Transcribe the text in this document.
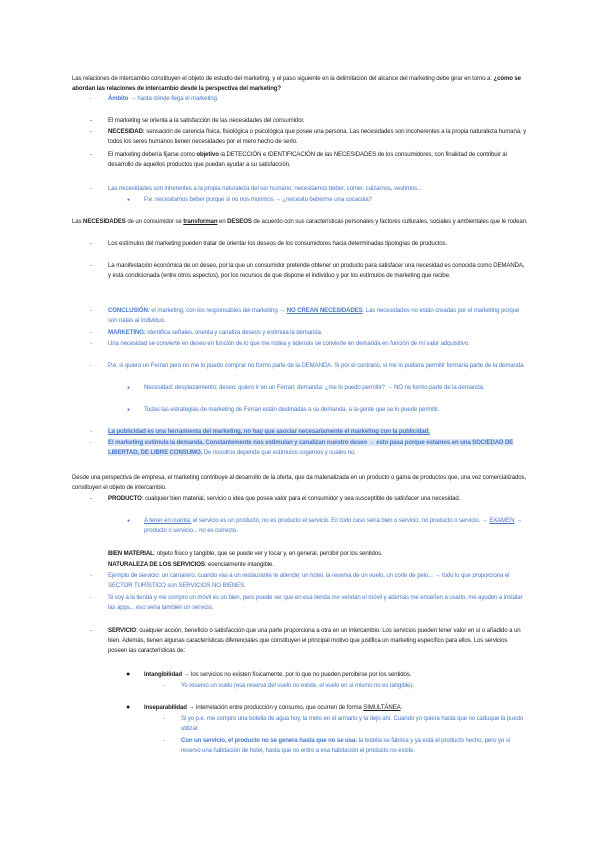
Las relaciones de intercambio constituyen el objeto de estudio del marketing, y el paso siguiente en la delimitación del alcance del marketing debe girar en torno a: ¿cómo se abordan las relaciones de intercambio desde la perspectiva del marketing?
-	Ámbito → hasta dónde llega el marketing.
-	El marketing se orienta a la satisfacción de las necesidades del consumidor.
-	NECESIDAD: sensación de carencia física, fisiológica o psicológica que posee una persona. Las necesidades son incoherentes a la propia naturaleza humana, y todos los seres humanos tienen necesidades por el mero hecho de serlo.
-	El marketing debería fijarse como objetivo la DETECCIÓN e IDENTIFICACIÓN de las NECESIDADES de los consumidores, con finalidad de contribuir al desarrollo de aquellos productos que puedan ayudar a su satisfacción.
-	Las necesidades son inherentes a la propia naturaleza del ser humano: necesitamos beber, comer, calzarnos, vestirnos...
● P.e. necesitamos beber porque si no nos morimos → ¿necesito beberme una cocacola?
Las NECESIDADES de un consumidor se transforman en DESEOS de acuerdo con sus características personales y factores culturales, sociales y ambientales que le rodean.
-	Los estímulos del marketing pueden tratar de orientar los deseos de los consumidores hacia determinadas tipologías de productos.
-	La manifestación económica de un deseo, por la que un consumidor pretende obtener un producto para satisfacer una necesidad es conocida como DEMANDA, y está condicionada (entre otros aspectos), por los recursos de que dispone el individuo y por los estímulos de marketing que recibe.
-	CONCLUSIÓN: el marketing, con los responsables del marketing → NO CREAN NECESIDADES. Las necesidades no están creadas por el marketing porque son natas al individuo.
-	MARKETING: identifica señales, orienta y canaliza deseos y estimula la demanda.
-	Una necesidad se convierte en deseo en función de lo que me rodea y además se convierte en demanda en función de mi valor adquisitivo.
-	P.e. si quiero un Ferrari pero no me lo puedo comprar no formo parte de la DEMANDA. Si por el contrario, si me lo pudiera permitir formaría parte de la demanda.
● Necesidad: desplazamiento; deseo: quiero ir en un Ferrari; demanda: ¿me lo puedo permitir? → NO no formo parte de la demanda.
● Todas las estrategias de marketing de Ferrari están destinadas a su demanda, a la gente que se lo puede permitir.
-	La publicidad es una herramienta del marketing, no hay que asociar necesariamente el marketing con la publicidad.
-	El marketing estimula la demanda. Constantemente nos estimulan y canalizan nuestro deseo → esto pasa porque estamos en una SOCIEDAD DE LIBERTAD, DE LIBRE CONSUMO. De nosotros depende qué estímulos cogemos y cuales no.
Desde una perspectiva de empresa, el marketing contribuye al desarrollo de la oferta, que da materializada en un producto o gama de productos que, una vez comercializados, constituyen el objeto de intercambio.
-	PRODUCTO: cualquier bien material, servicio o idea que posea valor para el consumidor y sea susceptible de satisfacer una necesidad.
● A tener en cuenta: el servicio es un producto, no es producto el servicio. En todo caso sería bien o servicio, no producto o servicio. → EXAMEN → producto o servicio... no es correcto.
BIEN MATERIAL: objeto físico y tangible, que se puede ver y tocar y, en general, percibir por los sentidos.
NATURALEZA DE LOS SERVICIOS: esencialmente intangible.
-	Ejemplo de servicio: un camarero, cuando vas a un restaurante te atiende; un hotel, la reserva de un vuelo, un corte de pelo... → todo lo que proporciona el SECTOR TURÍSTICO son SERVICIOS NO BIENES.
-	Si voy a la tienda y me compro un móvil es un bien, pero puede ser que en esa tienda me vendan el móvil y además me enseñen a usarlo, me ayuden a instalar las apps... eso sería también un servicio.
-	SERVICIO: cualquier acción, beneficio o satisfacción que una parte proporciona a otra en un intercambio. Los servicios pueden tener valor en sí o añadido a un bien. Además, tienen algunas características diferenciales que constituyen el principal motivo que justifica un marketing específico para ellos. Los servicios poseen las características de:
● Intangibilidad → los servicios no existen físicamente, por lo que no pueden percibirse por los sentidos.
-	Yo reservo un vuelo (esa reserva del vuelo no existe, el vuelo en sí mismo no es tangible).
● Inseparabilidad → interrelación entre producción y consumo, que ocurren de forma SIMULTÁNEA.
-	Si yo p.e. me compro una botella de agua hoy, la meto en el armario y la dejo ahí. Cuando yo quiera hasta que no caduque la puedo utilizar.
-	Con un servicio, el producto no se genera hasta que no se usa: la botella se fabrica y ya está el producto hecho, pero yo si reservo una habitación de hotel, hasta que no entro a esa habitación el producto no existe.
